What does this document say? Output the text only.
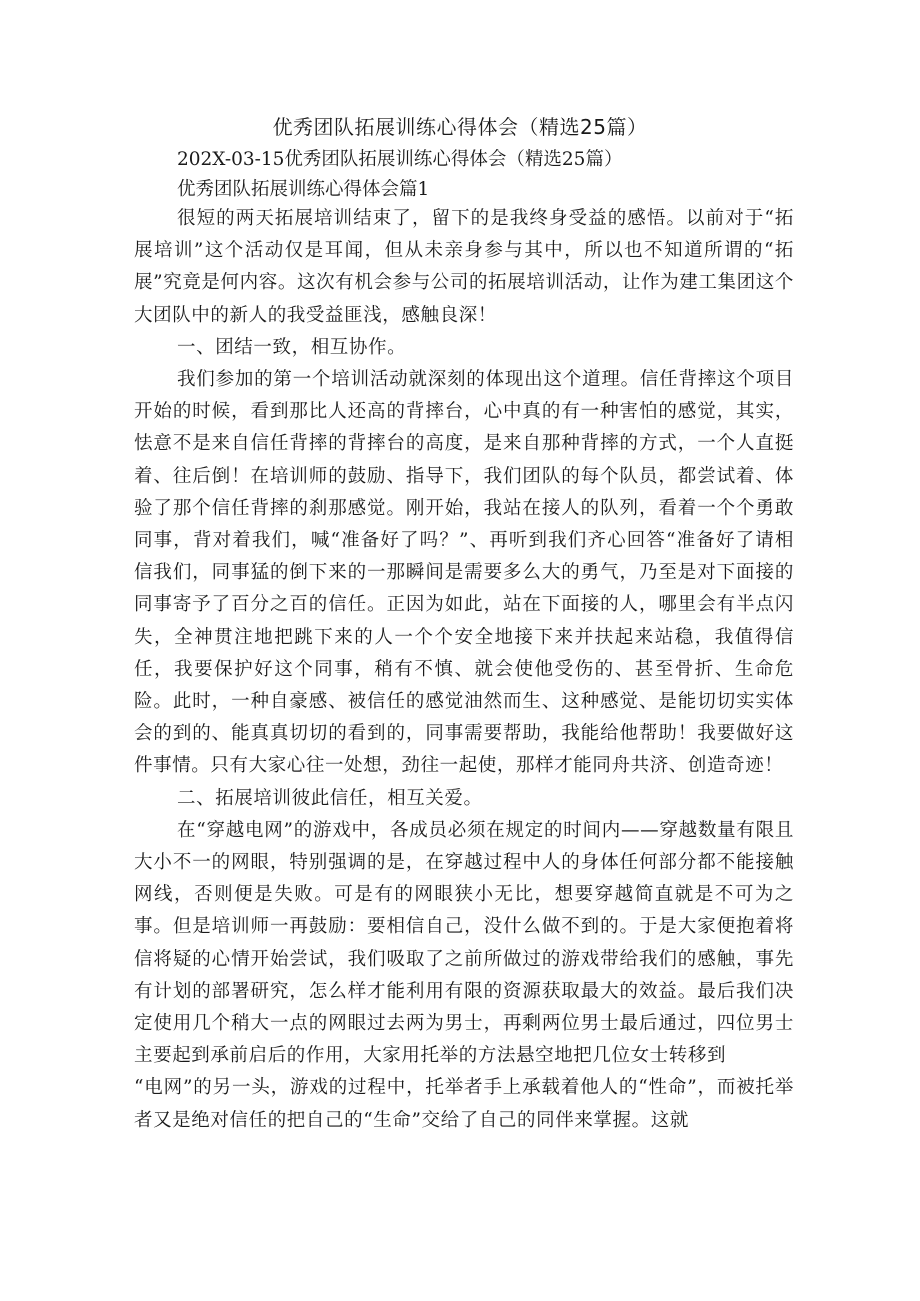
优秀团队拓展训练心得体会（精选25篇）

202X-03-15优秀团队拓展训练心得体会（精选25篇）

优秀团队拓展训练心得体会篇1

很短的两天拓展培训结束了，留下的是我终身受益的感悟。以前对于“拓展培训”这个活动仅是耳闻，但从未亲身参与其中，所以也不知道所谓的“拓展”究竟是何内容。这次有机会参与公司的拓展培训活动，让作为建工集团这个大团队中的新人的我受益匪浅，感触良深！

一、团结一致，相互协作。

我们参加的第一个培训活动就深刻的体现出这个道理。信任背摔这个项目开始的时候，看到那比人还高的背摔台，心中真的有一种害怕的感觉，其实，怯意不是来自信任背摔的背摔台的高度，是来自那种背摔的方式，一个人直挺着、往后倒！在培训师的鼓励、指导下，我们团队的每个队员，都尝试着、体验了那个信任背摔的刹那感觉。刚开始，我站在接人的队列，看着一个个勇敢同事，背对着我们，喊“准备好了吗？”、再听到我们齐心回答“准备好了请相信我们，同事猛的倒下来的一那瞬间是需要多么大的勇气，乃至是对下面接的同事寄予了百分之百的信任。正因为如此，站在下面接的人，哪里会有半点闪失，全神贯注地把跳下来的人一个个安全地接下来并扶起来站稳，我值得信任，我要保护好这个同事，稍有不慎、就会使他受伤的、甚至骨折、生命危险。此时，一种自豪感、被信任的感觉油然而生、这种感觉、是能切切实实体会的到的、能真真切切的看到的，同事需要帮助，我能给他帮助！我要做好这件事情。只有大家心往一处想，劲往一起使，那样才能同舟共济、创造奇迹！

二、拓展培训彼此信任，相互关爱。

在“穿越电网”的游戏中，各成员必须在规定的时间内——穿越数量有限且大小不一的网眼，特别强调的是，在穿越过程中人的身体任何部分都不能接触网线，否则便是失败。可是有的网眼狭小无比，想要穿越简直就是不可为之事。但是培训师一再鼓励：要相信自己，没什么做不到的。于是大家便抱着将信将疑的心情开始尝试，我们吸取了之前所做过的游戏带给我们的感触，事先有计划的部署研究，怎么样才能利用有限的资源获取最大的效益。最后我们决定使用几个稍大一点的网眼过去两为男士，再剩两位男士最后通过，四位男士主要起到承前启后的作用，大家用托举的方法悬空地把几位女士转移到

“电网”的另一头，游戏的过程中，托举者手上承载着他人的“性命”，而被托举者又是绝对信任的把自己的“生命”交给了自己的同伴来掌握。这就
